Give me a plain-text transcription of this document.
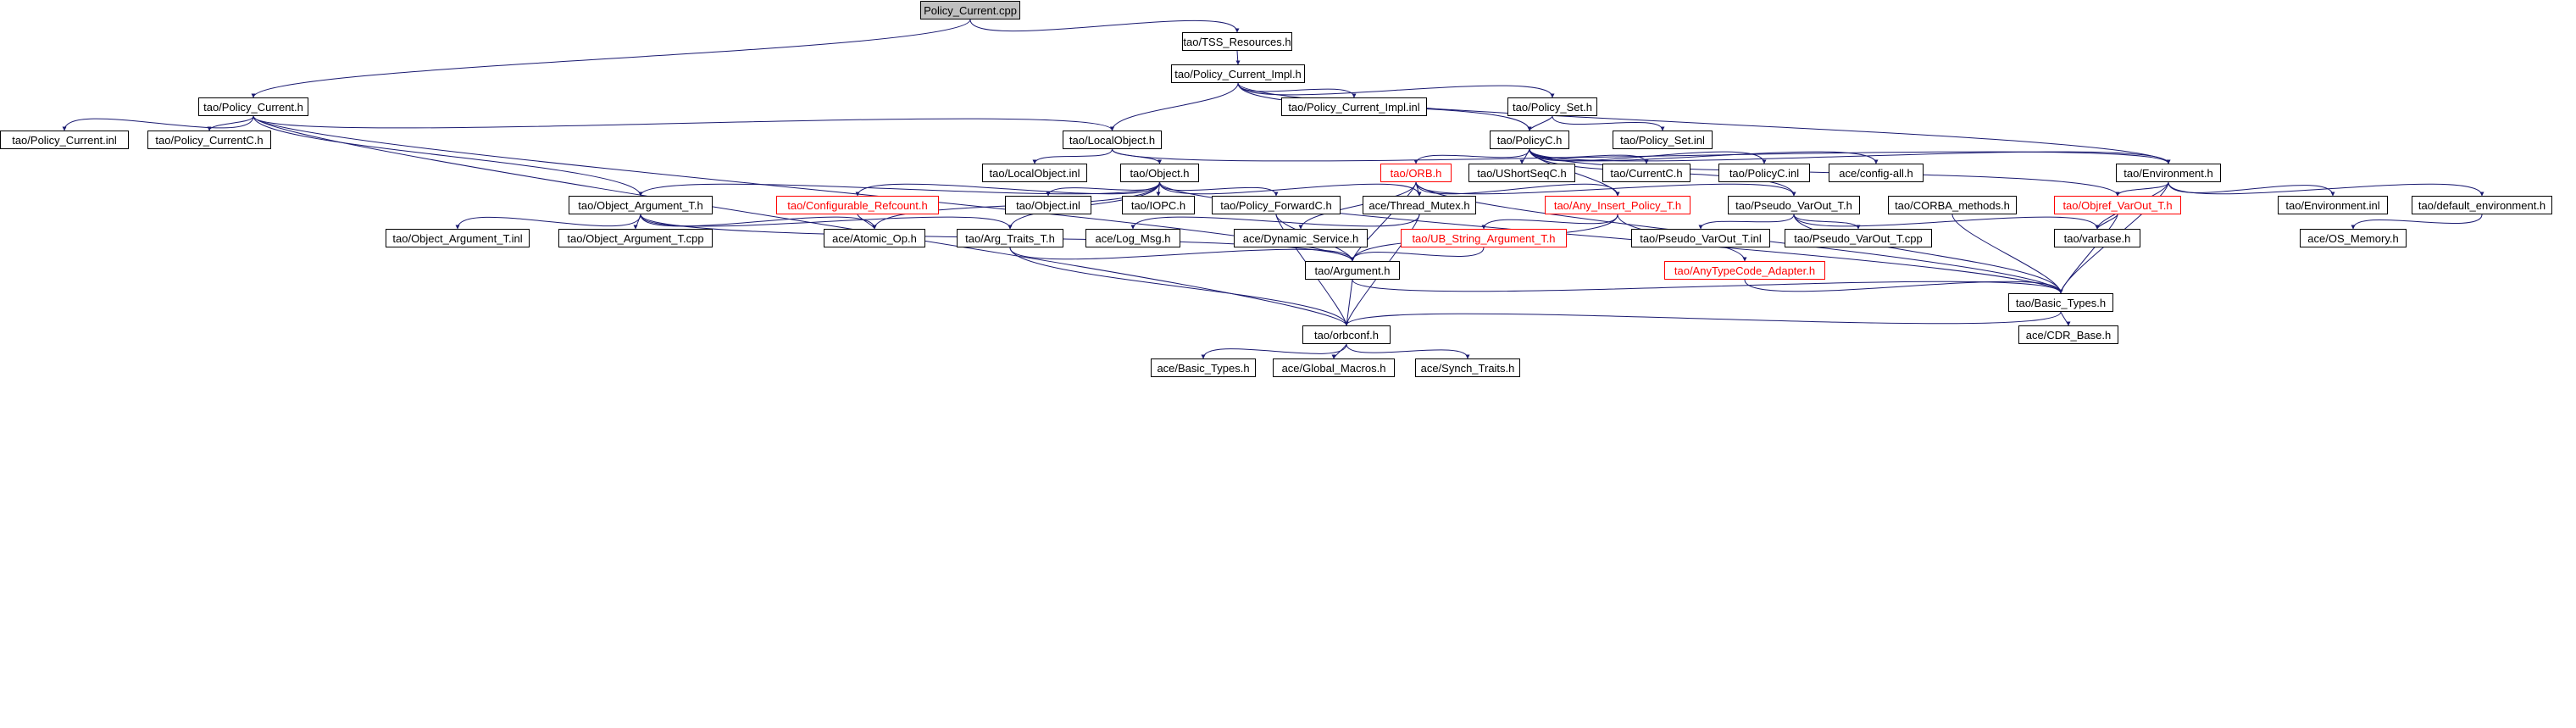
Policy_Current.cpp
tao/TSS_Resources.h
tao/Policy_Current_Impl.h
tao/Policy_Current_Impl.inl	tao/Policy_Set.h
tao/Policy_Current.h
tao/Policy_Current.inl	tao/Policy_CurrentC.h	tao/LocalObject.h	tao/PolicyC.h	tao/Policy_Set.inl
tao/LocalObject.inl	tao/Object.h	tao/ORB.h	tao/UShortSeqC.h	tao/CurrentC.h	tao/PolicyC.inl	ace/config-all.h	tao/Environment.h
tao/Object_Argument_T.h	tao/Configurable_Refcount.h	tao/Object.inl	tao/IOPC.h	tao/Policy_ForwardC.h	ace/Thread_Mutex.h	tao/Any_Insert_Policy_T.h	tao/Pseudo_VarOut_T.h	tao/CORBA_methods.h	tao/Objref_VarOut_T.h	tao/Environment.inl	tao/default_environment.h
tao/Object_Argument_T.inl	tao/Object_Argument_T.cpp	ace/Atomic_Op.h	tao/Arg_Traits_T.h	ace/Log_Msg.h	ace/Dynamic_Service.h	tao/UB_String_Argument_T.h	tao/Pseudo_VarOut_T.inl	tao/Pseudo_VarOut_T.cpp	tao/varbase.h	ace/OS_Memory.h
tao/Argument.h	tao/AnyTypeCode_Adapter.h
tao/Basic_Types.h
tao/orbconf.h	ace/CDR_Base.h
ace/Basic_Types.h	ace/Global_Macros.h	ace/Synch_Traits.h
